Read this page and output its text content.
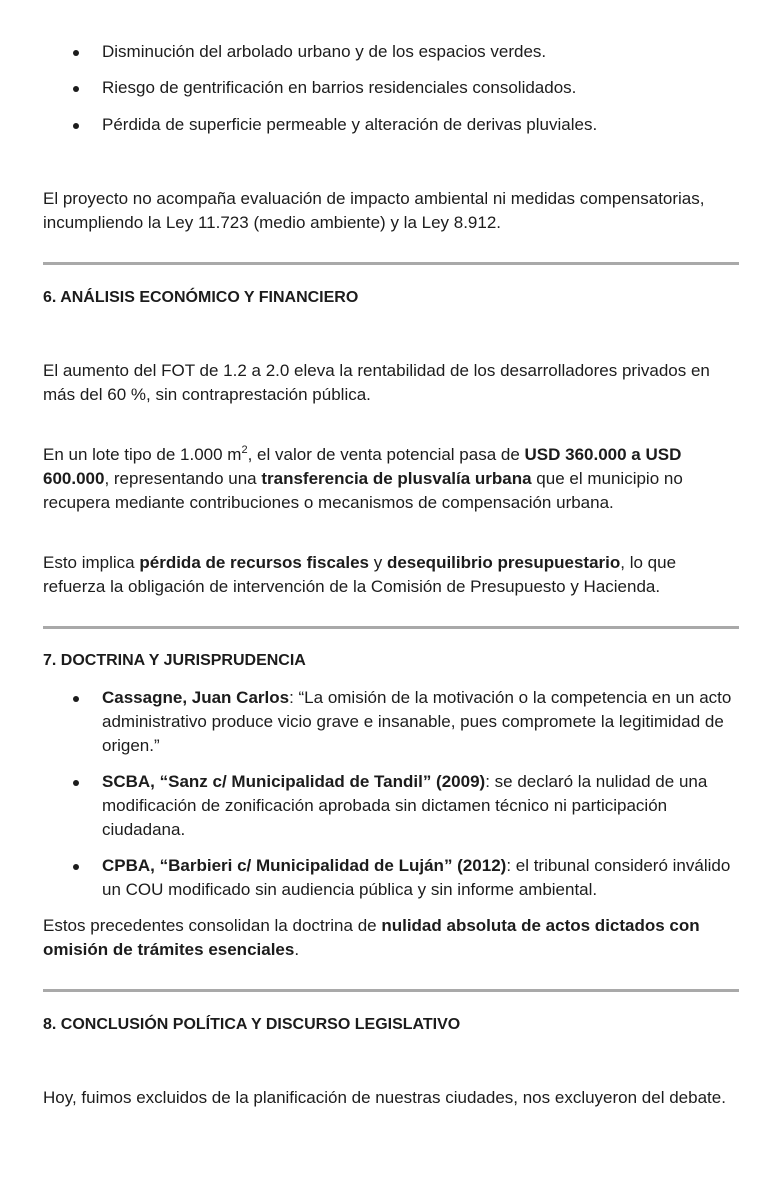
Disminución del arbolado urbano y de los espacios verdes.
Riesgo de gentrificación en barrios residenciales consolidados.
Pérdida de superficie permeable y alteración de derivas pluviales.

El proyecto no acompaña evaluación de impacto ambiental ni medidas compensatorias, incumpliendo la Ley 11.723 (medio ambiente) y la Ley 8.912.

6. ANÁLISIS ECONÓMICO Y FINANCIERO

El aumento del FOT de 1.2 a 2.0 eleva la rentabilidad de los desarrolladores privados en más del 60 %, sin contraprestación pública.

En un lote tipo de 1.000 $m^2$, el valor de venta potencial pasa de USD 360.000 a USD 600.000, representando una transferencia de plusvalía urbana que el municipio no recupera mediante contribuciones o mecanismos de compensación urbana.

Esto implica pérdida de recursos fiscales y desequilibrio presupuestario, lo que refuerza la obligación de intervención de la Comisión de Presupuesto y Hacienda.

7. DOCTRINA Y JURISPRUDENCIA

Cassagne, Juan Carlos: “La omisión de la motivación o la competencia en un acto administrativo produce vicio grave e insanable, pues compromete la legitimidad de origen.”
SCBA, “Sanz c/ Municipalidad de Tandil” (2009): se declaró la nulidad de una modificación de zonificación aprobada sin dictamen técnico ni participación ciudadana.
CPBA, “Barbieri c/ Municipalidad de Luján” (2012): el tribunal consideró inválido un COU modificado sin audiencia pública y sin informe ambiental.

Estos precedentes consolidan la doctrina de nulidad absoluta de actos dictados con omisión de trámites esenciales.

8. CONCLUSIÓN POLÍTICA Y DISCURSO LEGISLATIVO

Hoy, fuimos excluidos de la planificación de nuestras ciudades, nos excluyeron del debate.
